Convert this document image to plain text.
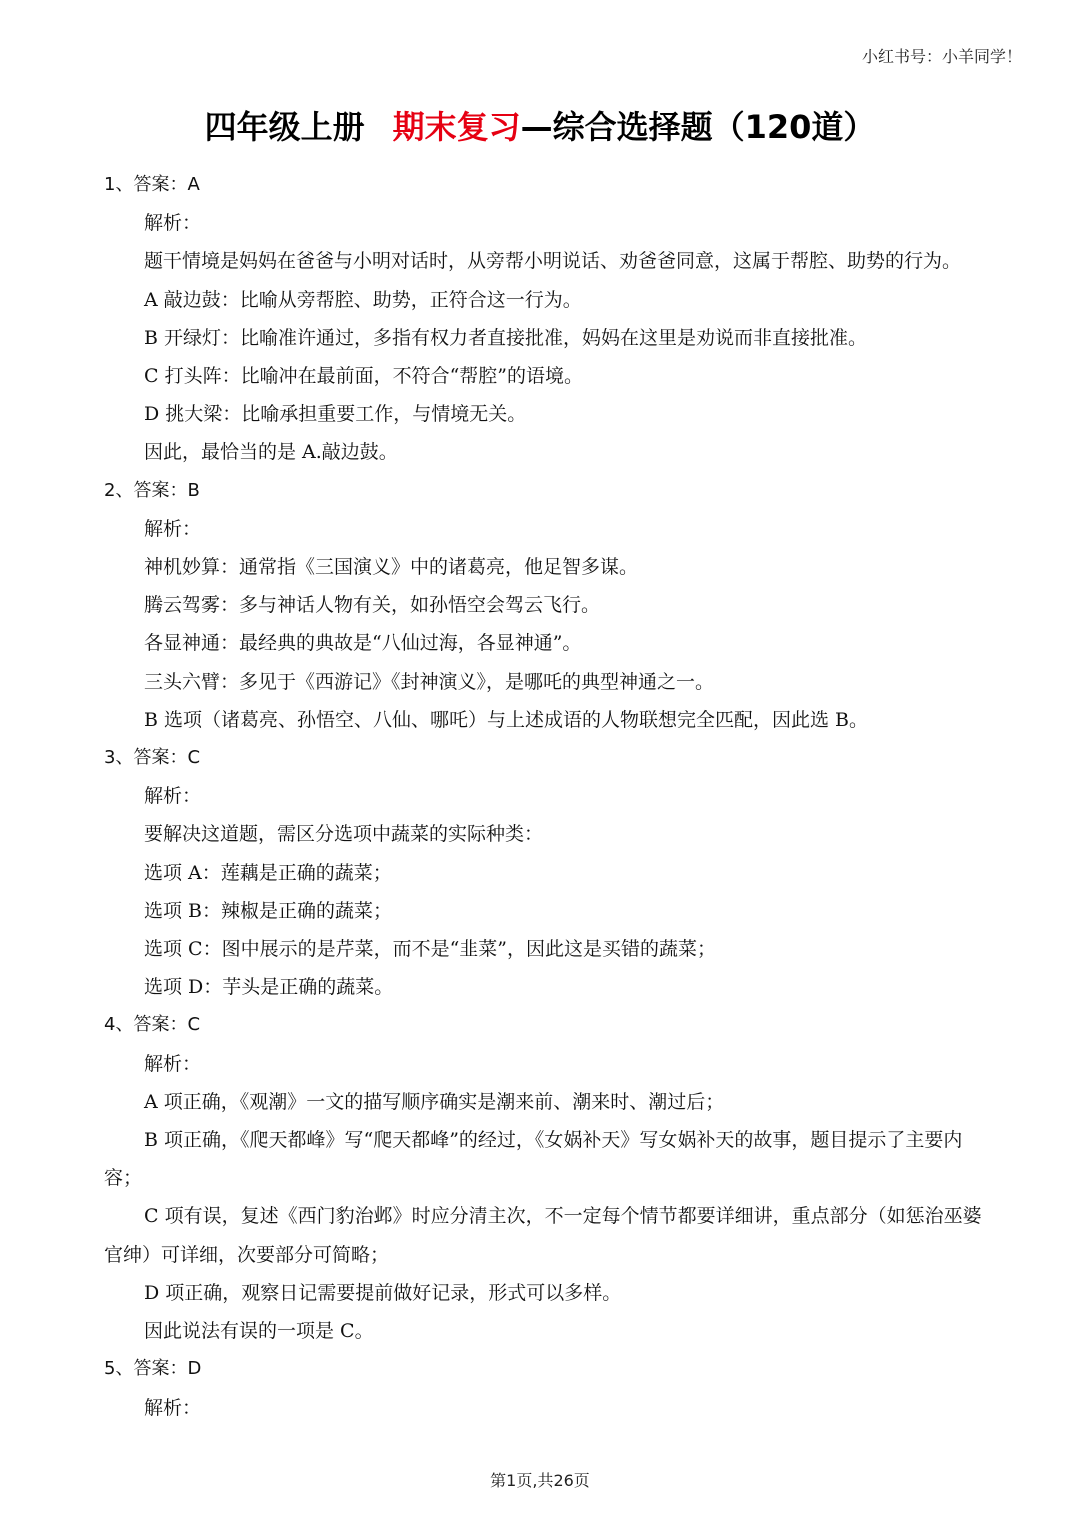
小红书号：小羊同学！
四年级上册 期末复习—综合选择题（120道）
1、答案：A
解析：
题干情境是妈妈在爸爸与小明对话时，从旁帮小明说话、劝爸爸同意，这属于帮腔、助势的行为。
A 敲边鼓：比喻从旁帮腔、助势，正符合这一行为。
B 开绿灯：比喻准许通过，多指有权力者直接批准，妈妈在这里是劝说而非直接批准。
C 打头阵：比喻冲在最前面，不符合“帮腔”的语境。
D 挑大梁：比喻承担重要工作，与情境无关。
因此，最恰当的是 A.敲边鼓。
2、答案：B
解析：
神机妙算：通常指《三国演义》中的诸葛亮，他足智多谋。
腾云驾雾：多与神话人物有关，如孙悟空会驾云飞行。
各显神通：最经典的典故是“八仙过海，各显神通”。
三头六臂：多见于《西游记》《封神演义》，是哪吒的典型神通之一。
B 选项（诸葛亮、孙悟空、八仙、哪吒）与上述成语的人物联想完全匹配，因此选 B。
3、答案：C
解析：
要解决这道题，需区分选项中蔬菜的实际种类：
选项 A：莲藕是正确的蔬菜；
选项 B：辣椒是正确的蔬菜；
选项 C：图中展示的是芹菜，而不是“韭菜”，因此这是买错的蔬菜；
选项 D：芋头是正确的蔬菜。
4、答案：C
解析：
A 项正确，《观潮》一文的描写顺序确实是潮来前、潮来时、潮过后；
B 项正确，《爬天都峰》写“爬天都峰”的经过，《女娲补天》写女娲补天的故事，题目提示了主要内容；
C 项有误，复述《西门豹治邺》时应分清主次，不一定每个情节都要详细讲，重点部分（如惩治巫婆官绅）可详细，次要部分可简略；
D 项正确，观察日记需要提前做好记录，形式可以多样。
因此说法有误的一项是 C。
5、答案：D
解析：
第1页,共26页
